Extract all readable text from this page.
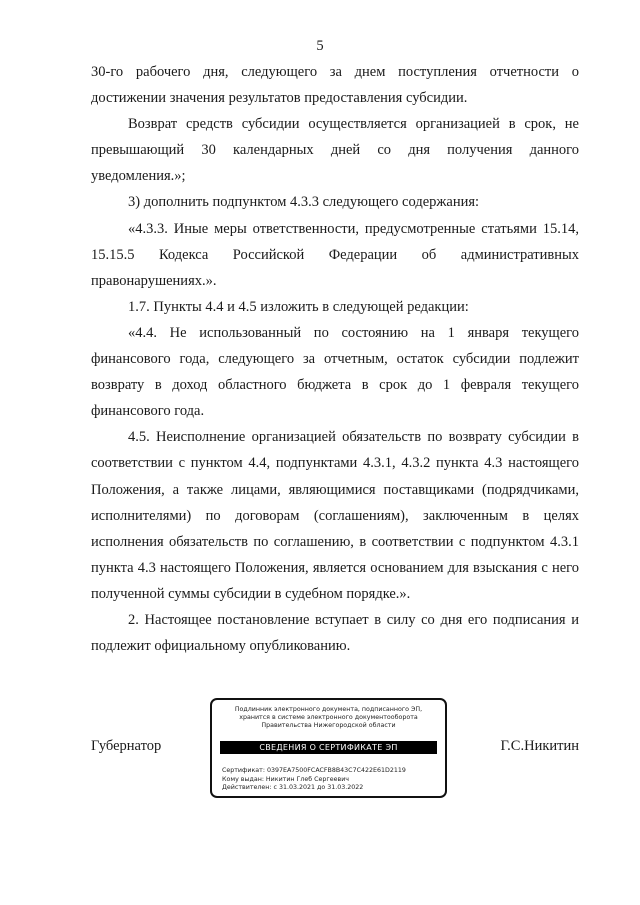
5

30-го рабочего дня, следующего за днем поступления отчетности о достижении значения результатов предоставления субсидии.

Возврат средств субсидии осуществляется организацией в срок, не превышающий 30 календарных дней со дня получения данного уведомления.»;

3) дополнить подпунктом 4.3.3 следующего содержания:

«4.3.3. Иные меры ответственности, предусмотренные статьями 15.14, 15.15.5 Кодекса Российской Федерации об административных правонарушениях.».

1.7. Пункты 4.4 и 4.5 изложить в следующей редакции:

«4.4. Не использованный по состоянию на 1 января текущего финансового года, следующего за отчетным, остаток субсидии подлежит возврату в доход областного бюджета в срок до 1 февраля текущего финансового года.

4.5. Неисполнение организацией обязательств по возврату субсидии в соответствии с пунктом 4.4, подпунктами 4.3.1, 4.3.2 пункта 4.3 настоящего Положения, а также лицами, являющимися поставщиками (подрядчиками, исполнителями) по договорам (соглашениям), заключенным в целях исполнения обязательств по соглашению, в соответствии с подпунктом 4.3.1 пункта 4.3 настоящего Положения, является основанием для взыскания с него полученной суммы субсидии в судебном порядке.».

2. Настоящее постановление вступает в силу со дня его подписания и подлежит официальному опубликованию.

Губернатор
Подлинник электронного документа, подписанного ЭП,
хранится в системе электронного документооборота
Правительства Нижегородской области
СВЕДЕНИЯ О СЕРТИФИКАТЕ ЭП
Сертификат: 0397EA7500FCACFB8B43C7C422E61D2119
Кому выдан: Никитин Глеб Сергеевич
Действителен: с 31.03.2021 до 31.03.2022
Г.С.Никитин
